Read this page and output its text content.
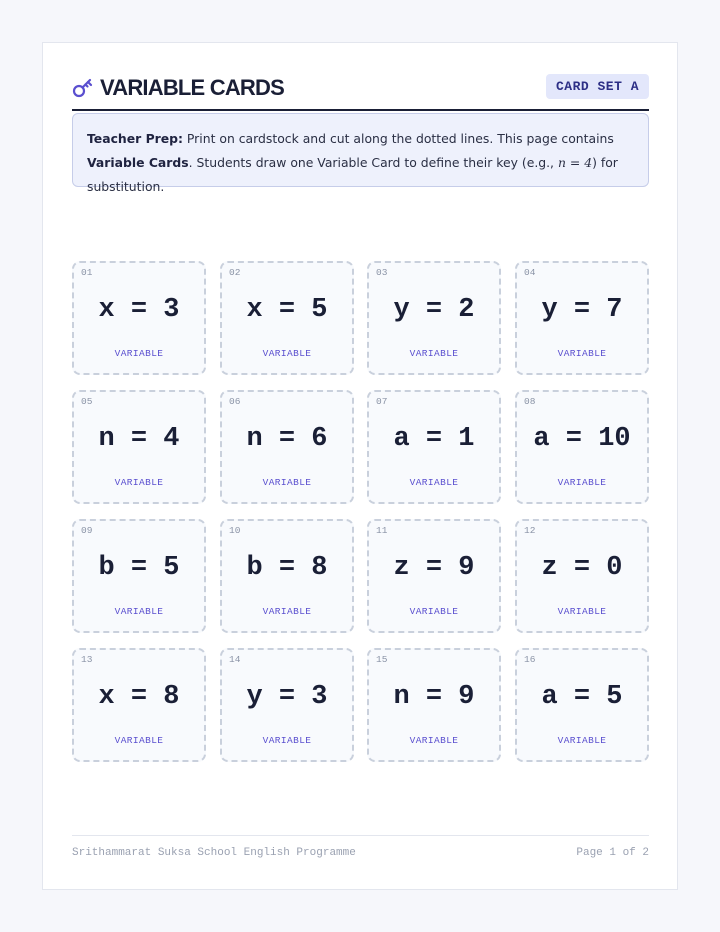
VARIABLE CARDS	CARD SET A
Teacher Prep: Print on cardstock and cut along the dotted lines. This page contains Variable Cards. Students draw one Variable Card to define their key (e.g., n = 4) for substitution.
01
x = 3
VARIABLE
02
x = 5
VARIABLE
03
y = 2
VARIABLE
04
y = 7
VARIABLE
05
n = 4
VARIABLE
06
n = 6
VARIABLE
07
a = 1
VARIABLE
08
a = 10
VARIABLE
09
b = 5
VARIABLE
10
b = 8
VARIABLE
11
z = 9
VARIABLE
12
z = 0
VARIABLE
13
x = 8
VARIABLE
14
y = 3
VARIABLE
15
n = 9
VARIABLE
16
a = 5
VARIABLE
Srithammarat Suksa School English Programme	Page 1 of 2
